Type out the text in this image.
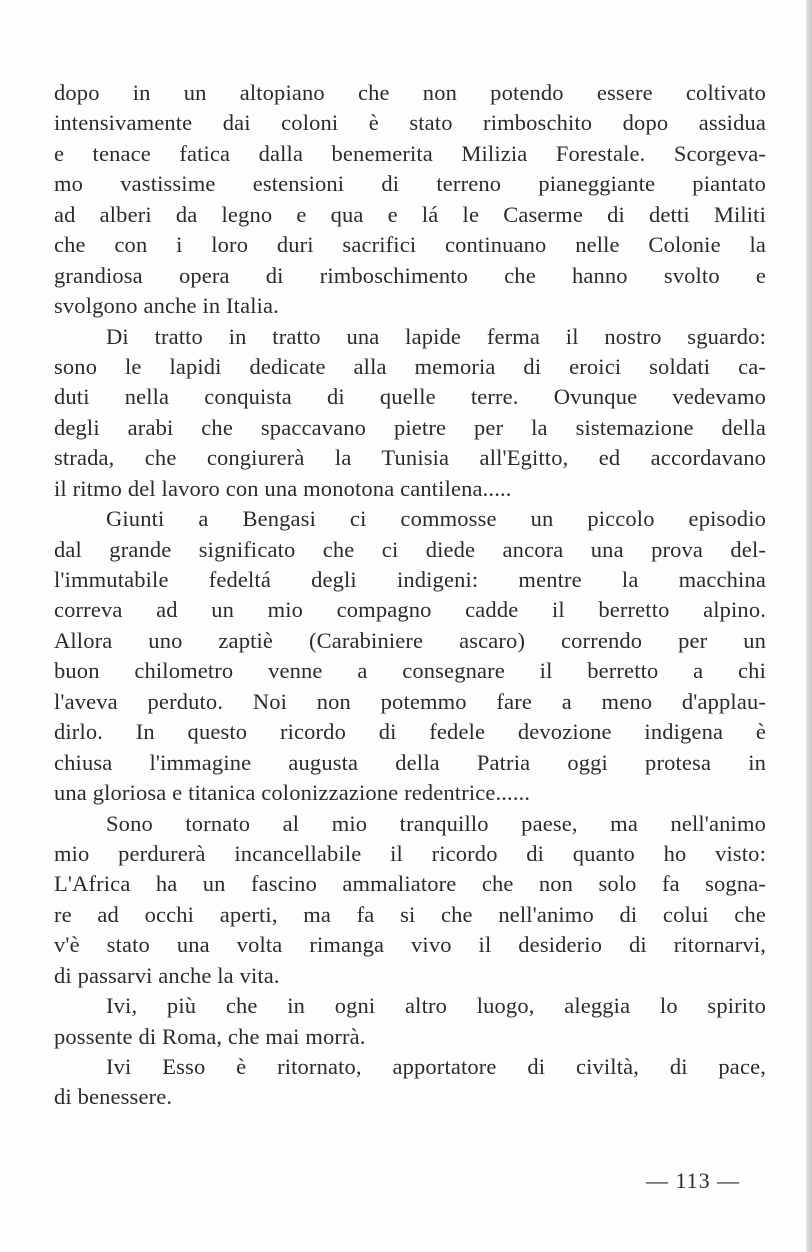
dopo in un altopiano che non potendo essere coltivato
intensivamente dai coloni è stato rimboschito dopo assidua
e tenace fatica dalla benemerita Milizia Forestale. Scorgeva-
mo vastissime estensioni di terreno pianeggiante piantato
ad alberi da legno e qua e lá le Caserme di detti Militi
che con i loro duri sacrifici continuano nelle Colonie la
grandiosa opera di rimboschimento che hanno svolto e
svolgono anche in Italia.
Di tratto in tratto una lapide ferma il nostro sguardo:
sono le lapidi dedicate alla memoria di eroici soldati ca-
duti nella conquista di quelle terre. Ovunque vedevamo
degli arabi che spaccavano pietre per la sistemazione della
strada, che congiurerà la Tunisia all'Egitto, ed accordavano
il ritmo del lavoro con una monotona cantilena.....
Giunti a Bengasi ci commosse un piccolo episodio
dal grande significato che ci diede ancora una prova del-
l'immutabile fedeltá degli indigeni: mentre la macchina
correva ad un mio compagno cadde il berretto alpino.
Allora uno zaptiè (Carabiniere ascaro) correndo per un
buon chilometro venne a consegnare il berretto a chi
l'aveva perduto. Noi non potemmo fare a meno d'applau-
dirlo. In questo ricordo di fedele devozione indigena è
chiusa l'immagine augusta della Patria oggi protesa in
una gloriosa e titanica colonizzazione redentrice......
Sono tornato al mio tranquillo paese, ma nell'animo
mio perdurerà incancellabile il ricordo di quanto ho visto:
L'Africa ha un fascino ammaliatore che non solo fa sogna-
re ad occhi aperti, ma fa si che nell'animo di colui che
v'è stato una volta rimanga vivo il desiderio di ritornarvi,
di passarvi anche la vita.
Ivi, più che in ogni altro luogo, aleggia lo spirito
possente di Roma, che mai morrà.
Ivi Esso è ritornato, apportatore di civiltà, di pace,
di benessere.
— 113 —
